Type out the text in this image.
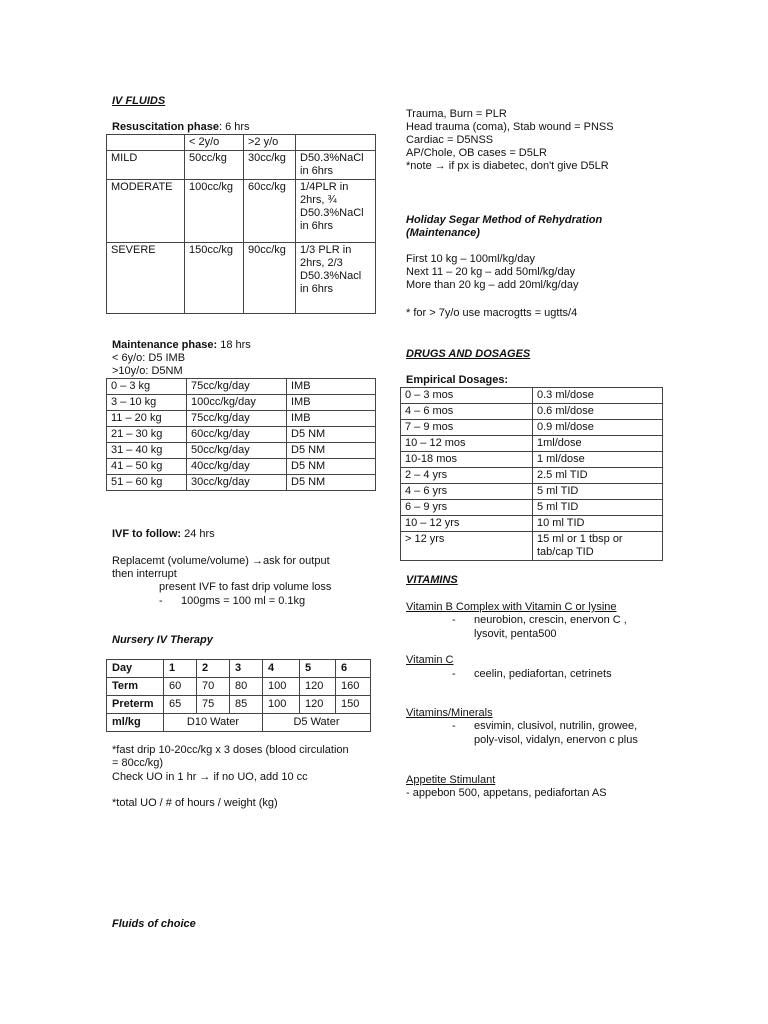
IV FLUIDS
Resuscitation phase: 6 hrs
	< 2y/o	>2 y/o	
MILD	50cc/kg	30cc/kg	D50.3%NaCl in 6hrs
MODERATE	100cc/kg	60cc/kg	1/4PLR in 2hrs, ¾ D50.3%NaCl in 6hrs
SEVERE	150cc/kg	90cc/kg	1/3 PLR in 2hrs, 2/3 D50.3%Nacl in 6hrs
Maintenance phase: 18 hrs
< 6y/o: D5 IMB
>10y/o: D5NM
0 – 3 kg	75cc/kg/day	IMB
3 – 10 kg	100cc/kg/day	IMB
11 – 20 kg	75cc/kg/day	IMB
21 – 30 kg	60cc/kg/day	D5 NM
31 – 40 kg	50cc/kg/day	D5 NM
41 – 50 kg	40cc/kg/day	D5 NM
51 – 60 kg	30cc/kg/day	D5 NM
IVF to follow: 24 hrs
Replacemt (volume/volume) →ask for output
then interrupt
present IVF to fast drip volume loss
-      100gms = 100 ml = 0.1kg
Nursery IV Therapy
Day	1	2	3	4	5	6
Term	60	70	80	100	120	160
Preterm	65	75	85	100	120	150
ml/kg	D10 Water			D5 Water		
*fast drip 10-20cc/kg x 3 doses (blood circulation
= 80cc/kg)
Check UO in 1 hr → if no UO, add 10 cc
*total UO / # of hours / weight (kg)
Fluids of choice
Trauma, Burn = PLR
Head trauma (coma), Stab wound = PNSS
Cardiac = D5NSS
AP/Chole, OB cases = D5LR
*note → if px is diabetec, don't give D5LR
Holiday Segar Method of Rehydration
(Maintenance)
First 10 kg – 100ml/kg/day
Next 11 – 20 kg – add 50ml/kg/day
More than 20 kg – add 20ml/kg/day
* for > 7y/o use macrogtts = ugtts/4
DRUGS AND DOSAGES
Empirical Dosages:
0 – 3 mos	0.3 ml/dose
4 – 6 mos	0.6 ml/dose
7 – 9 mos	0.9 ml/dose
10 – 12 mos	1ml/dose
10-18 mos	1 ml/dose
2 – 4 yrs	2.5 ml TID
4 – 6 yrs	5 ml TID
6 – 9 yrs	5 ml TID
10 – 12 yrs	10 ml TID
> 12 yrs	15 ml or 1 tbsp or tab/cap TID
VITAMINS
Vitamin B Complex with Vitamin C or lysine
- neurobion, crescin, enervon C ,
lysovit, penta500
Vitamin C
- ceelin, pediafortan, cetrinets
Vitamins/Minerals
- esvimin, clusivol, nutrilin, growee,
poly-visol, vidalyn, enervon c plus
Appetite Stimulant
- appebon 500, appetans, pediafortan AS
